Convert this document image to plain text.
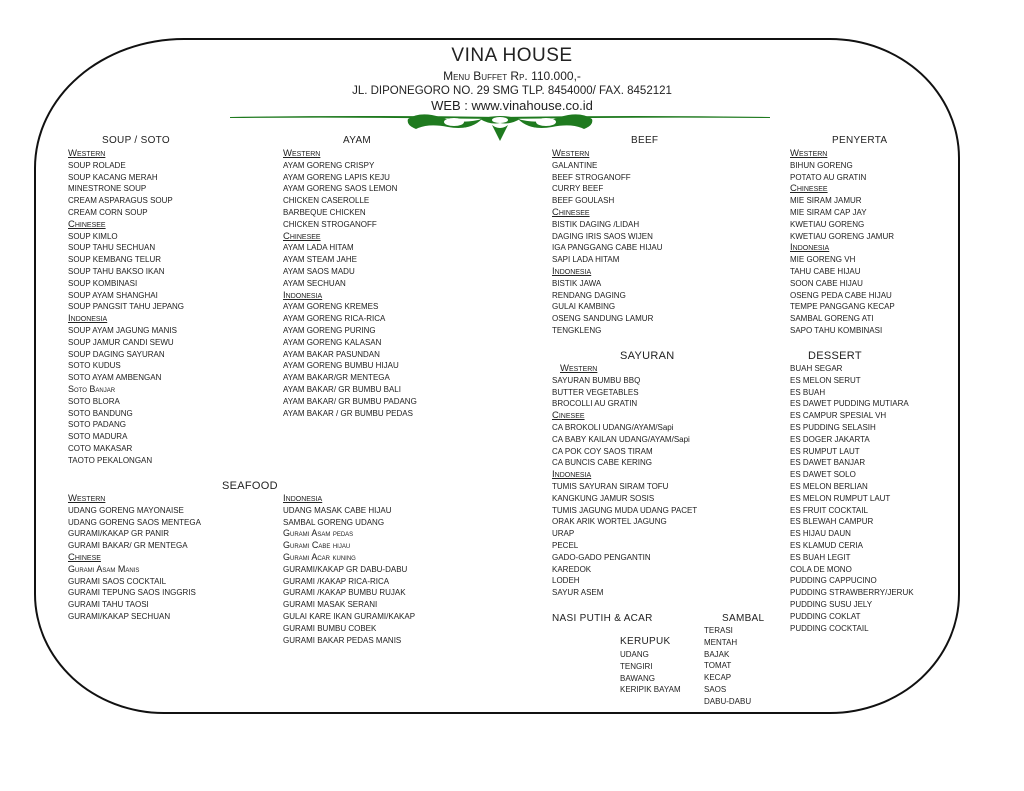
VINA HOUSE
Menu Buffet Rp. 110.000,-
JL. DIPONEGORO NO. 29 SMG TLP. 8454000/ FAX. 8452121
WEB : www.vinahouse.co.id
SOUP / SOTO	AYAM	BEEF	PENYERTA
Western
SOUP ROLADE
SOUP KACANG MERAH
MINESTRONE SOUP
CREAM ASPARAGUS SOUP
CREAM CORN SOUP
Chinesee
SOUP KIMLO
SOUP TAHU SECHUAN
SOUP KEMBANG TELUR
SOUP TAHU BAKSO IKAN
SOUP KOMBINASI
SOUP AYAM SHANGHAI
SOUP PANGSIT TAHU JEPANG
Indonesia
SOUP AYAM JAGUNG MANIS
SOUP JAMUR CANDI SEWU
SOUP DAGING SAYURAN
SOTO KUDUS
SOTO AYAM AMBENGAN
Soto Banjar
SOTO BLORA
SOTO BANDUNG
SOTO PADANG
SOTO MADURA
COTO MAKASAR
TAOTO PEKALONGAN
Western
AYAM GORENG CRISPY
AYAM GORENG LAPIS KEJU
AYAM GORENG SAOS LEMON
CHICKEN CASEROLLE
BARBEQUE CHICKEN
CHICKEN STROGANOFF
Chinesee
AYAM LADA HITAM
AYAM STEAM JAHE
AYAM SAOS MADU
AYAM SECHUAN
Indonesia
AYAM GORENG KREMES
AYAM GORENG RICA-RICA
AYAM GORENG PURING
AYAM GORENG KALASAN
AYAM BAKAR PASUNDAN
AYAM GORENG BUMBU HIJAU
AYAM BAKAR/GR MENTEGA
AYAM BAKAR/ GR BUMBU BALI
AYAM BAKAR/ GR BUMBU PADANG
AYAM BAKAR / GR BUMBU PEDAS
Western
GALANTINE
BEEF STROGANOFF
CURRY BEEF
BEEF GOULASH
Chinesee
BISTIK DAGING /LIDAH
DAGING IRIS SAOS WIJEN
IGA PANGGANG CABE HIJAU
SAPI LADA HITAM
Indonesia
BISTIK JAWA
RENDANG DAGING
GULAI KAMBING
OSENG SANDUNG LAMUR
TENGKLENG
SAYURAN
Western
SAYURAN BUMBU BBQ
BUTTER VEGETABLES
BROCOLLI AU GRATIN
Cinesee
CA BROKOLI UDANG/AYAM/Sapi
CA BABY KAILAN UDANG/AYAM/Sapi
CA POK COY SAOS TIRAM
CA BUNCIS CABE KERING
Indonesia
TUMIS SAYURAN SIRAM TOFU
KANGKUNG JAMUR SOSIS
TUMIS JAGUNG MUDA UDANG PACET
ORAK ARIK WORTEL JAGUNG
URAP
PECEL
GADO-GADO PENGANTIN
KAREDOK
LODEH
SAYUR ASEM
Western
BIHUN GORENG
POTATO AU GRATIN
Chinesee
MIE SIRAM JAMUR
MIE SIRAM CAP JAY
KWETIAU GORENG
KWETIAU GORENG JAMUR
Indonesia
MIE GORENG VH
TAHU CABE HIJAU
SOON CABE HIJAU
OSENG PEDA CABE HIJAU
TEMPE PANGGANG KECAP
SAMBAL GORENG ATI
SAPO TAHU KOMBINASI
DESSERT
BUAH SEGAR
ES MELON SERUT
ES BUAH
ES DAWET PUDDING MUTIARA
ES CAMPUR SPESIAL VH
ES PUDDING SELASIH
ES DOGER JAKARTA
ES RUMPUT LAUT
ES DAWET BANJAR
ES DAWET SOLO
ES MELON BERLIAN
ES MELON RUMPUT LAUT
ES FRUIT COCKTAIL
ES BLEWAH CAMPUR
ES HIJAU DAUN
ES KLAMUD CERIA
ES BUAH LEGIT
COLA DE MONO
PUDDING CAPPUCINO
PUDDING STRAWBERRY/JERUK
PUDDING SUSU JELY
PUDDING COKLAT
PUDDING COCKTAIL
SEAFOOD
Western
UDANG GORENG MAYONAISE
UDANG GORENG SAOS MENTEGA
GURAMI/KAKAP GR PANIR
GURAMI BAKAR/ GR MENTEGA
Chinese
Gurami Asam Manis
GURAMI SAOS COCKTAIL
GURAMI TEPUNG SAOS INGGRIS
GURAMI TAHU TAOSI
GURAMI/KAKAP SECHUAN
Indonesia
UDANG MASAK CABE HIJAU
SAMBAL GORENG UDANG
Gurami Asam pedas
Gurami Cabe hijau
Gurami Acar kuning
GURAMI/KAKAP GR DABU-DABU
GURAMI /KAKAP RICA-RICA
GURAMI /KAKAP BUMBU RUJAK
GURAMI MASAK SERANI
GULAI KARE IKAN GURAMI/KAKAP
GURAMI BUMBU COBEK
GURAMI BAKAR PEDAS MANIS
NASI PUTIH & ACAR	SAMBAL
KERUPUK
UDANG
TENGIRI
BAWANG
KERIPIK BAYAM
TERASI
MENTAH
BAJAK
TOMAT
KECAP
SAOS
DABU-DABU
